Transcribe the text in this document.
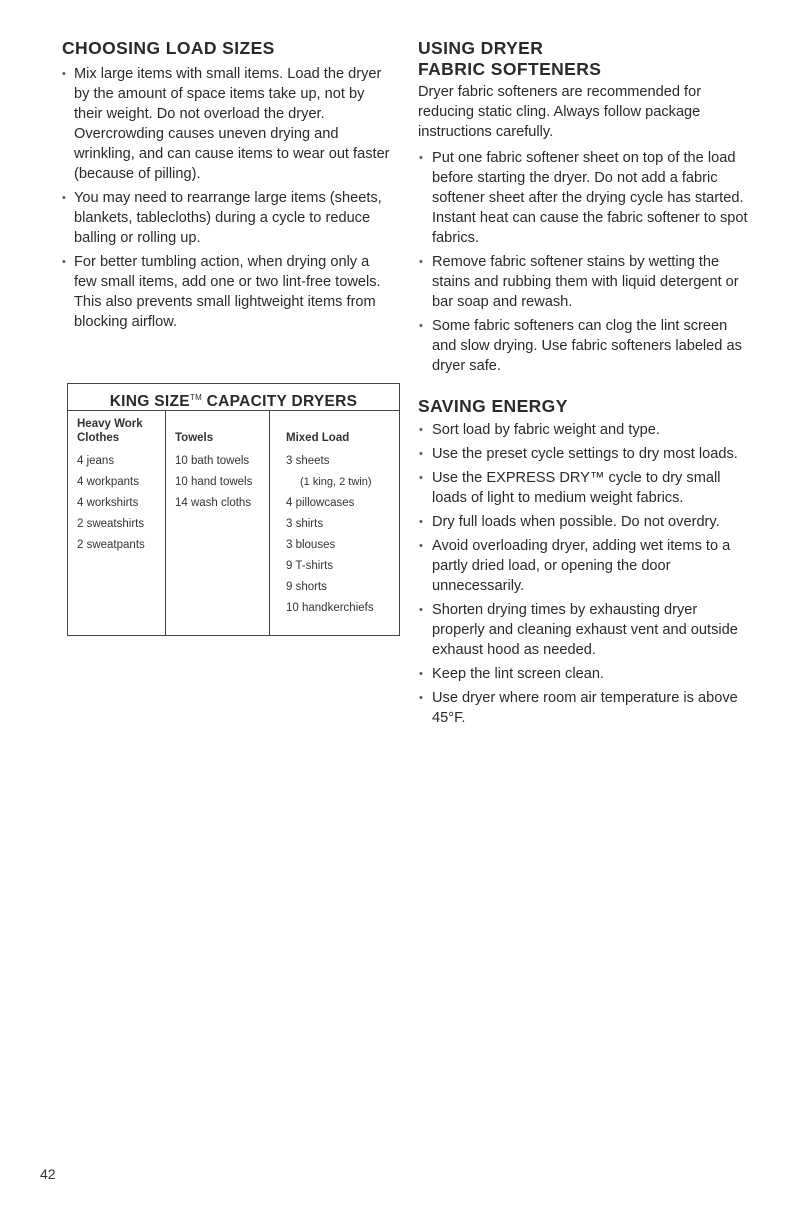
CHOOSING LOAD SIZES
• Mix large items with small items. Load the dryer by the amount of space items take up, not by their weight. Do not overload the dryer. Overcrowding causes uneven drying and wrinkling, and can cause items to wear out faster (because of pilling).
• You may need to rearrange large items (sheets, blankets, tablecloths) during a cycle to reduce balling or rolling up.
• For better tumbling action, when drying only a few small items, add one or two lint-free towels. This also prevents small lightweight items from blocking airflow.
KING SIZE™ CAPACITY DRYERS
Heavy Work Clothes
4 jeans
4 workpants
4 workshirts
2 sweatshirts
2 sweatpants
Towels
10 bath towels
10 hand towels
14 wash cloths
Mixed Load
3 sheets
(1 king, 2 twin)
4 pillowcases
3 shirts
3 blouses
9 T-shirts
9 shorts
10 handkerchiefs
USING DRYER
FABRIC SOFTENERS
Dryer fabric softeners are recommended for reducing static cling. Always follow package instructions carefully.
• Put one fabric softener sheet on top of the load before starting the dryer. Do not add a fabric softener sheet after the drying cycle has started. Instant heat can cause the fabric softener to spot fabrics.
• Remove fabric softener stains by wetting the stains and rubbing them with liquid detergent or bar soap and rewash.
• Some fabric softeners can clog the lint screen and slow drying. Use fabric softeners labeled as dryer safe.
SAVING ENERGY
• Sort load by fabric weight and type.
• Use the preset cycle settings to dry most loads.
• Use the EXPRESS DRY™ cycle to dry small loads of light to medium weight fabrics.
• Dry full loads when possible. Do not overdry.
• Avoid overloading dryer, adding wet items to a partly dried load, or opening the door unnecessarily.
• Shorten drying times by exhausting dryer properly and cleaning exhaust vent and outside exhaust hood as needed.
• Keep the lint screen clean.
• Use dryer where room air temperature is above 45°F.
42
